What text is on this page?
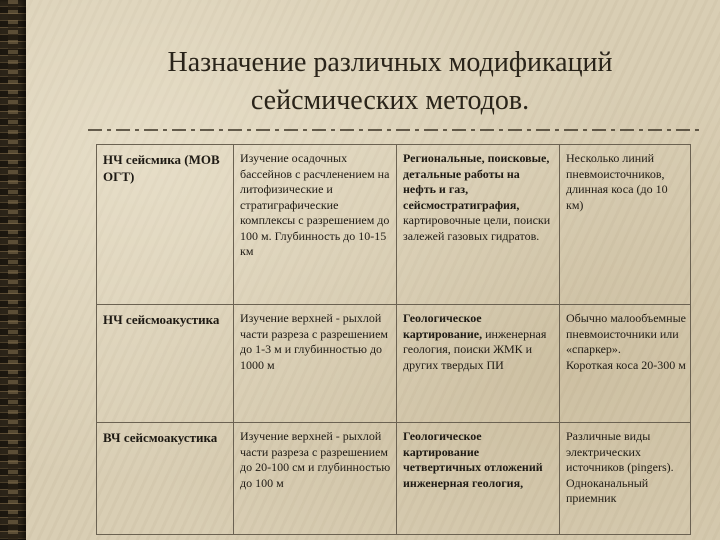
Назначение различных модификаций
сейсмических методов.
НЧ сейсмика (МОВ ОГТ)	Изучение осадочных бассейнов с расчленением на литофизические и стратиграфические комплексы с разрешением до 100 м. Глубинность до 10-15 км	Региональные, поисковые, детальные работы на нефть и газ, сейсмостратиграфия, картировочные цели, поиски залежей газовых гидратов.	Несколько линий пневмоисточников, длинная коса (до 10 км)

НЧ сейсмоакустика	Изучение верхней - рыхлой части разреза с разрешением до 1-3 м и глубинностью до 1000 м	Геологическое картирование, инженерная геология, поиски ЖМК и других твердых ПИ	Обычно малообъемные пневмоисточники или «спаркер».
Короткая коса 20-300 м

ВЧ сейсмоакустика	Изучение верхней - рыхлой части разреза с разрешением до 20-100 см и глубинностью до 100 м	Геологическое картирование четвертичных отложений инженерная геология,	Различные виды электрических источников (pingers). Одноканальный приемник
